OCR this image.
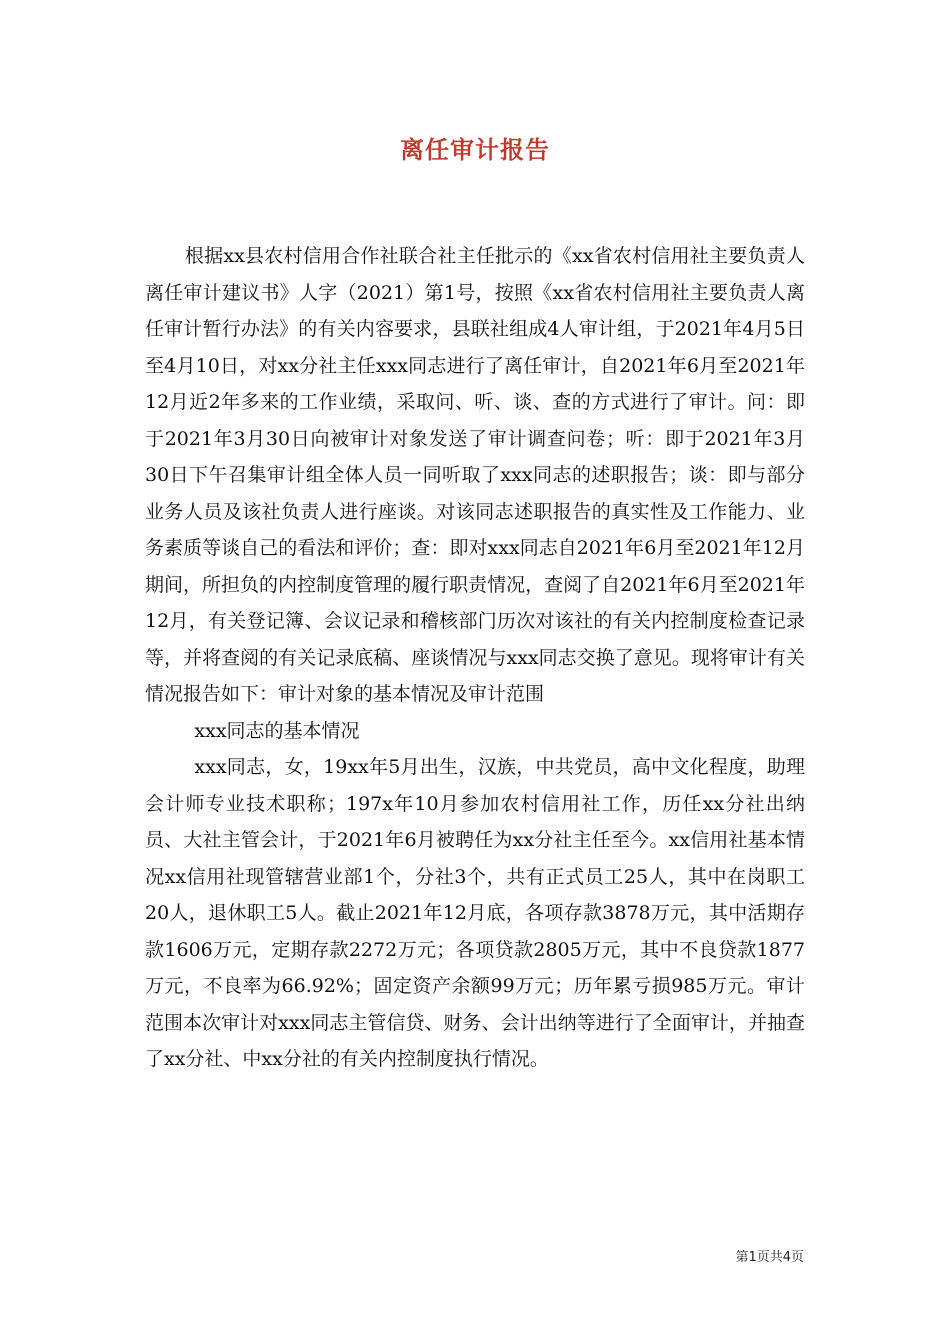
离任审计报告

根据xx县农村信用合作社联合社主任批示的《xx省农村信用社主要负责人离任审计建议书》人字（2021）第1号，按照《xx省农村信用社主要负责人离任审计暂行办法》的有关内容要求，县联社组成4人审计组，于2021年4月5日至4月10日，对xx分社主任xxx同志进行了离任审计，自2021年6月至2021年12月近2年多来的工作业绩，采取问、听、谈、查的方式进行了审计。问：即于2021年3月30日向被审计对象发送了审计调查问卷；听：即于2021年3月30日下午召集审计组全体人员一同听取了xxx同志的述职报告；谈：即与部分业务人员及该社负责人进行座谈。对该同志述职报告的真实性及工作能力、业务素质等谈自己的看法和评价；查：即对xxx同志自2021年6月至2021年12月期间，所担负的内控制度管理的履行职责情况，查阅了自2021年6月至2021年12月，有关登记簿、会议记录和稽核部门历次对该社的有关内控制度检查记录等，并将查阅的有关记录底稿、座谈情况与xxx同志交换了意见。现将审计有关情况报告如下：审计对象的基本情况及审计范围

xxx同志的基本情况

xxx同志，女，19xx年5月出生，汉族，中共党员，高中文化程度，助理会计师专业技术职称；197x年10月参加农村信用社工作，历任xx分社出纳员、大社主管会计，于2021年6月被聘任为xx分社主任至今。xx信用社基本情况xx信用社现管辖营业部1个，分社3个，共有正式员工25人，其中在岗职工20人，退休职工5人。截止2021年12月底，各项存款3878万元，其中活期存款1606万元，定期存款2272万元；各项贷款2805万元，其中不良贷款1877万元，不良率为66.92%；固定资产余额99万元；历年累亏损985万元。审计范围本次审计对xxx同志主管信贷、财务、会计出纳等进行了全面审计，并抽查了xx分社、中xx分社的有关内控制度执行情况。

第1页共4页
